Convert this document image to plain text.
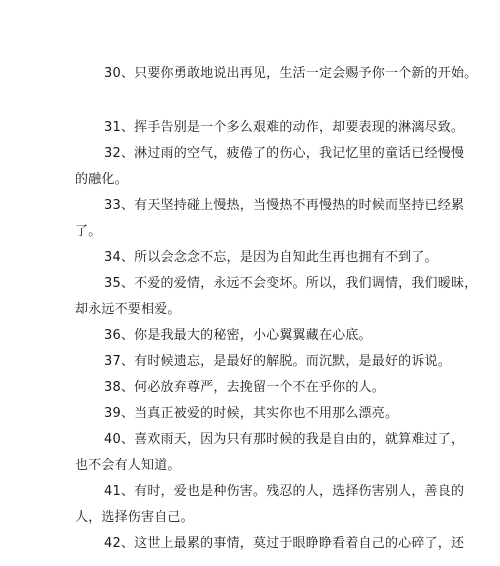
30、只要你勇敢地说出再见，生活一定会赐予你一个新的开始。
31、挥手告别是一个多么艰难的动作，却要表现的淋漓尽致。
32、淋过雨的空气，疲倦了的伤心，我记忆里的童话已经慢慢
的融化。
33、有天坚持碰上慢热，当慢热不再慢热的时候而坚持已经累
了。
34、所以会念念不忘，是因为自知此生再也拥有不到了。
35、不爱的爱情，永远不会变坏。所以，我们调情，我们暧昧，
却永远不要相爱。
36、你是我最大的秘密，小心翼翼藏在心底。
37、有时候遗忘，是最好的解脱。而沉默，是最好的诉说。
38、何必放弃尊严，去挽留一个不在乎你的人。
39、当真正被爱的时候，其实你也不用那么漂亮。
40、喜欢雨天，因为只有那时候的我是自由的，就算难过了，
也不会有人知道。
41、有时，爱也是种伤害。残忍的人，选择伤害别人，善良的
人，选择伤害自己。
42、这世上最累的事情，莫过于眼睁睁看着自己的心碎了，还
